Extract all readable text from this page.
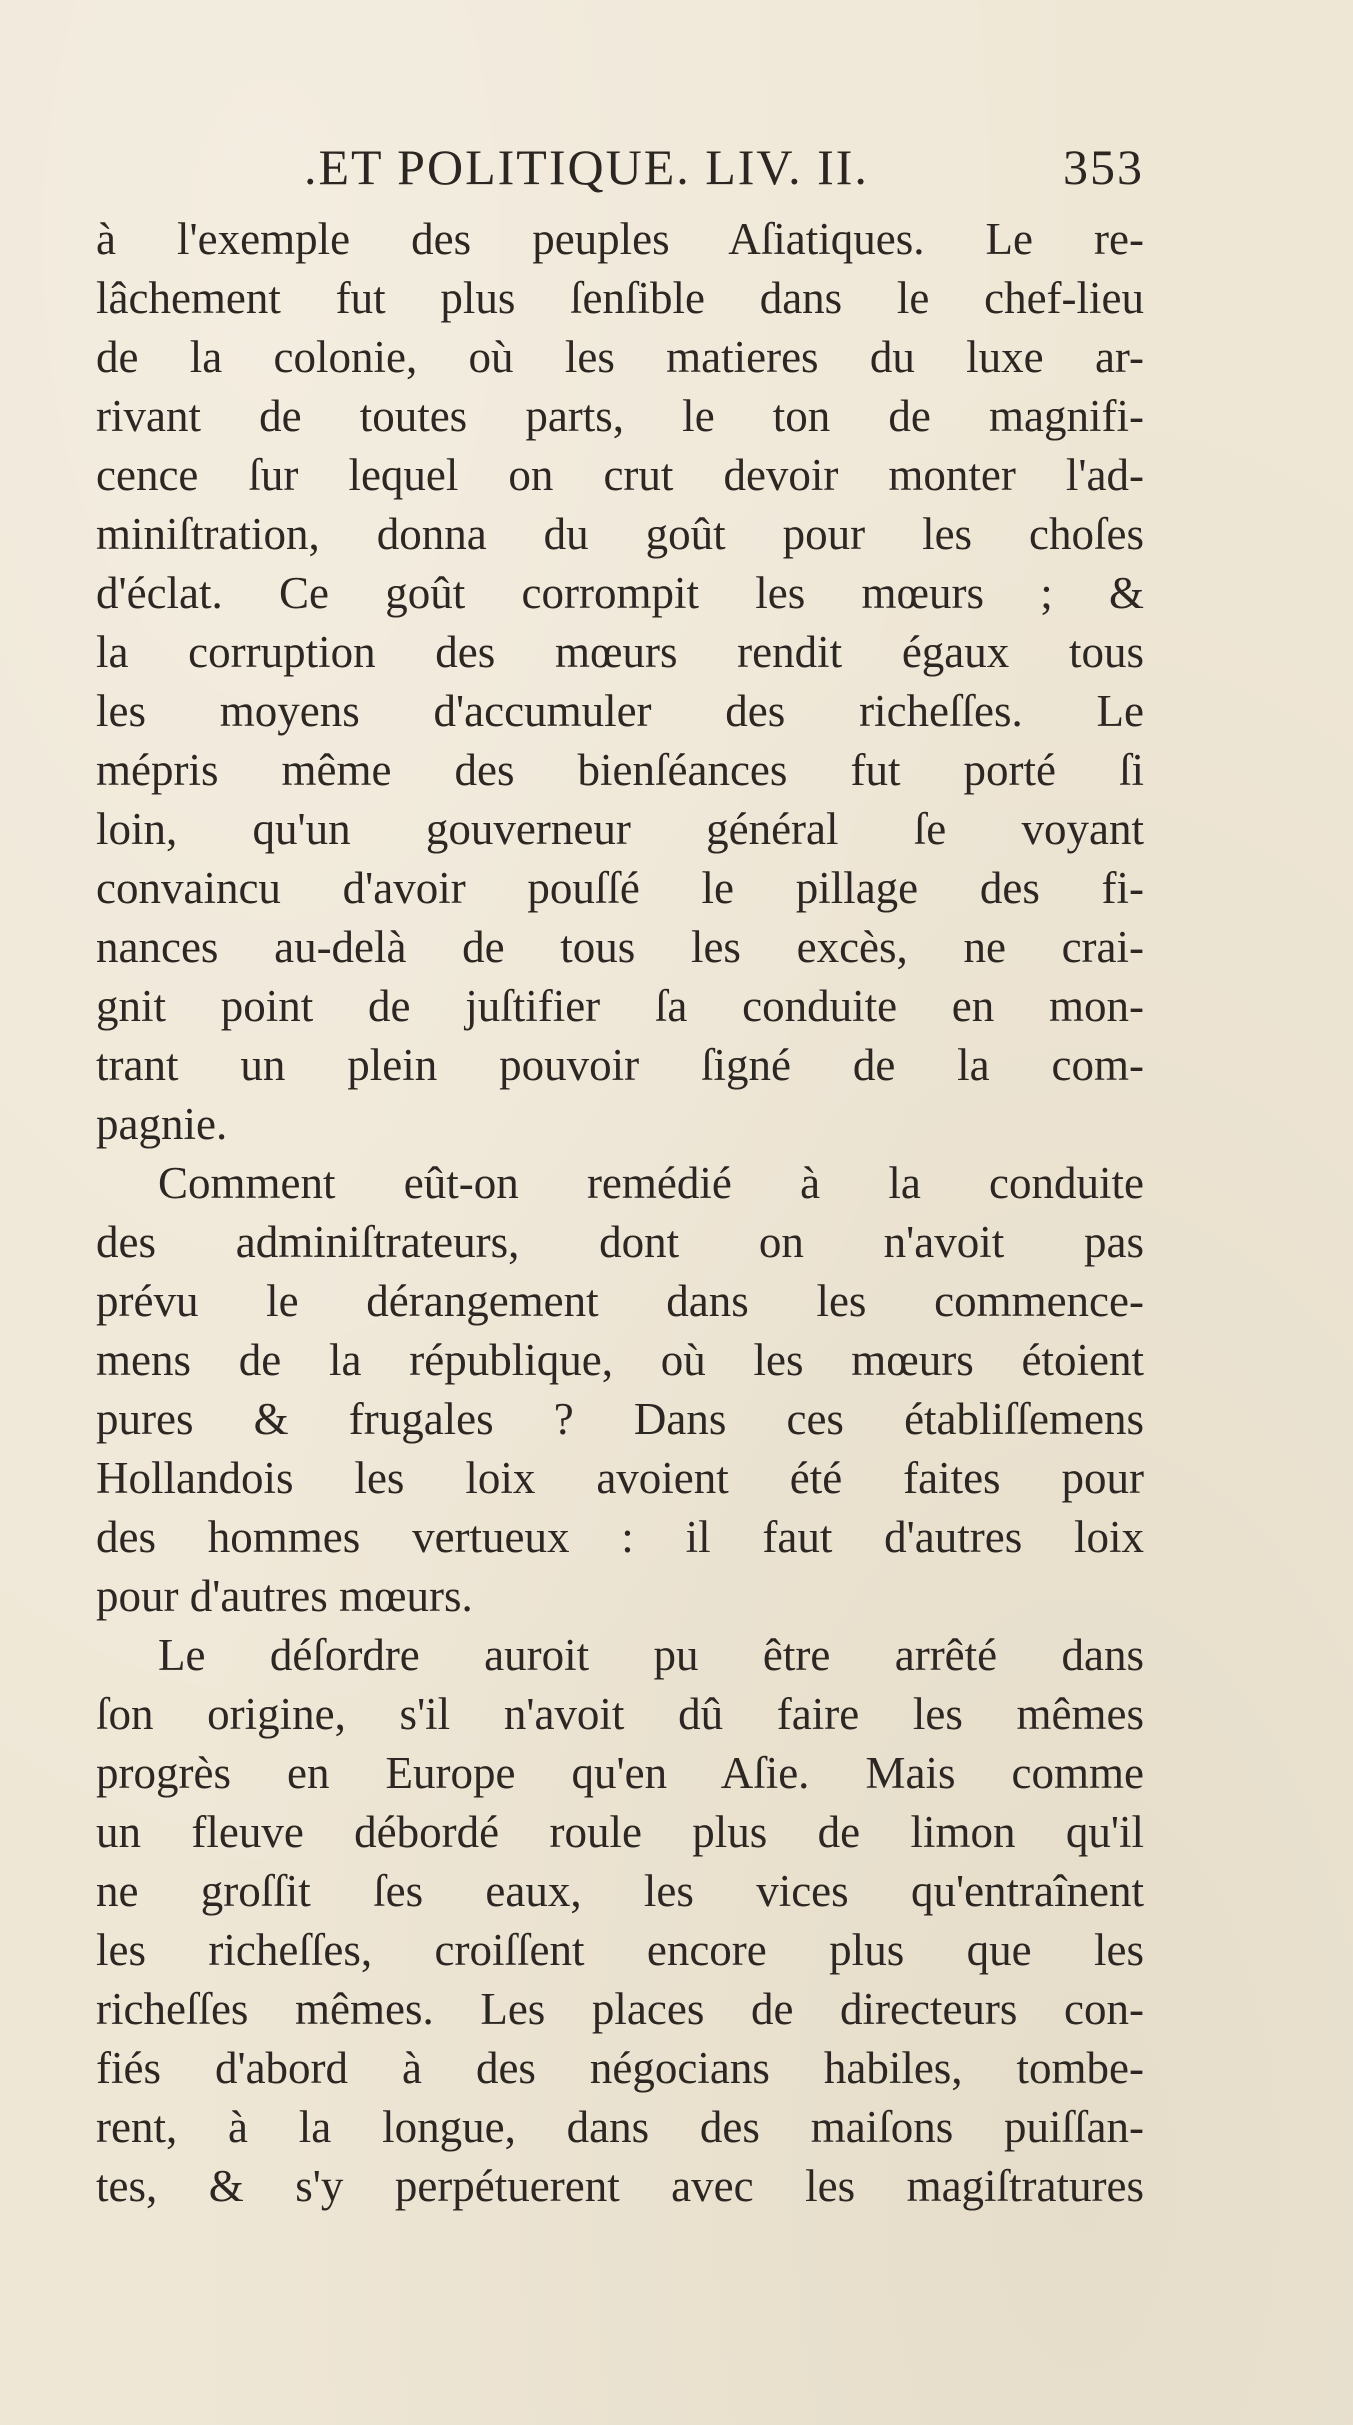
.ET POLITIQUE. LIV. II.	353
à l'exemple des peuples Aſiatiques. Le re-
lâchement fut plus ſenſible dans le chef-lieu
de la colonie, où les matieres du luxe ar-
rivant de toutes parts, le ton de magnifi-
cence ſur lequel on crut devoir monter l'ad-
miniſtration, donna du goût pour les choſes
d'éclat. Ce goût corrompit les mœurs ; &
la corruption des mœurs rendit égaux tous
les moyens d'accumuler des richeſſes. Le
mépris même des bienſéances fut porté ſi
loin, qu'un gouverneur général ſe voyant
convaincu d'avoir pouſſé le pillage des fi-
nances au-delà de tous les excès, ne crai-
gnit point de juſtifier ſa conduite en mon-
trant un plein pouvoir ſigné de la com-
pagnie.
Comment eût-on remédié à la conduite
des adminiſtrateurs, dont on n'avoit pas
prévu le dérangement dans les commence-
mens de la république, où les mœurs étoient
pures & frugales ? Dans ces établiſſemens
Hollandois les loix avoient été faites pour
des hommes vertueux : il faut d'autres loix
pour d'autres mœurs.
Le déſordre auroit pu être arrêté dans
ſon origine, s'il n'avoit dû faire les mêmes
progrès en Europe qu'en Aſie. Mais comme
un fleuve débordé roule plus de limon qu'il
ne groſſit ſes eaux, les vices qu'entraînent
les richeſſes, croiſſent encore plus que les
richeſſes mêmes. Les places de directeurs con-
fiés d'abord à des négocians habiles, tombe-
rent, à la longue, dans des maiſons puiſſan-
tes, & s'y perpétuerent avec les magiſtratures
